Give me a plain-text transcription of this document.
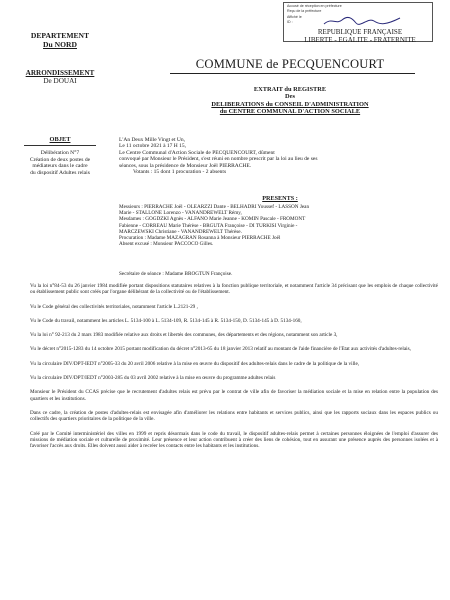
Accusé de réception en préfecture
Reçu de la préfecture
Affiché le
ID :
DEPARTEMENT
Du NORD
ARRONDISSEMENT
De DOUAI
REPUBLIQUE FRANÇAISE
LIBERTE - EGALITE - FRATERNITE
COMMUNE de PECQUENCOURT
EXTRAIT du REGISTRE
Des
DELIBERATIONS du CONSEIL D'ADMINISTRATION
du CENTRE COMMUNAL D'ACTION SOCIALE
OBJET
Délibération N°7
Création de deux postes de
médiateurs dans le cadre
du dispositif Adultes relais
L'An Deux Mille Vingt et Un,
Le 11 octobre 2021 à 17 H 15,
Le Centre Communal d'Action Sociale de PECQUENCOURT, dûment
convoqué par Monsieur le Président, s'est réuni en nombre prescrit par la loi au lieu de ses
séances, sous la présidence de Monsieur Joël PIERRACHE.
Votants : 15 dont 1 procuration - 2 absents
PRESENTS :
Messieurs : PIERRACHE Joël - OLEARZZI Dante - BELHADRI Youssef - LASSON Jean
Marie - STALLONE Lorenzo - VANANDREWELT Rémy,
Mesdames : GOGDZKI Agnès - ALFANO Marie Jeanne - KOMIN Pascale - FROMONT
Fabienne - CORREAU Marie Thérèse - BRGUTA Françoise - DI TURKISI Virginie -
MARCZEWSKI Christiane - VANANDREWELT Thérèse.
Procuration : Madame MAZAGRAN Rosanna à Monsieur PIERRACHE Joël
Absent excusé : Monsieur PACCOCO Gilles.
Secrétaire de séance : Madame BROGTUN Françoise.

Vu la loi n°84-53 du 26 janvier 1984 modifiée portant dispositions statutaires relatives à la fonction publique territoriale, et notamment l'article 34 précisant que les emplois de chaque collectivité ou établissement public sont créés par l'organe délibérant de la collectivité ou de l'établissement.

Vu le Code général des collectivités territoriales, notamment l'article L.2121-29 ,

Vu le Code du travail, notamment les articles L. 5134-100 à L. 5134-109, R. 5134-145 à R. 5134-150, D. 5134-145 à D. 5134-160,

Vu la loi n° 92-213 du 2 mars 1983 modifiée relative aux droits et libertés des communes, des départements et des régions, notamment son article 3,

Vu le décret n°2015-1283 du 14 octobre 2015 portant modification du décret n°2013-65 du 18 janvier 2013 relatif au montant de l'aide financière de l'Etat aux activités d'adultes-relais,

Vu la circulaire DIV/DPT-IEDT n°2005-33 du 20 avril 2006 relative à la mise en œuvre du dispositif des adultes-relais dans le cadre de la politique de la ville,

Vu la circulaire DIV/DPT/IEDT n°2003-285 du 03 avril 2002 relative à la mise en œuvre du programme adultes relais

Monsieur le Président du CCAS précise que le recrutement d'adultes relais est prévu par le contrat de ville afin de favoriser la médiation sociale et la mise en relation entre la population des quartiers et les institutions.

Dans ce cadre, la création de postes d'adultes-relais est envisagée afin d'améliorer les relations entre habitants et services publics, ainsi que les rapports sociaux dans les espaces publics ou collectifs des quartiers prioritaires de la politique de la ville.

Créé par le Comité interministériel des villes en 1999 et repris désormais dans le code du travail, le dispositif adultes-relais permet à certaines personnes éloignées de l'emploi d'assurer des missions de médiation sociale et culturelle de proximité. Leur présence et leur action contribuent à créer des liens de cohésion, tout en assurant une présence auprès des personnes isolées et à favoriser l'accès aux droits. Elles doivent aussi aider à recréer les contacts entre les habitants et les institutions.
